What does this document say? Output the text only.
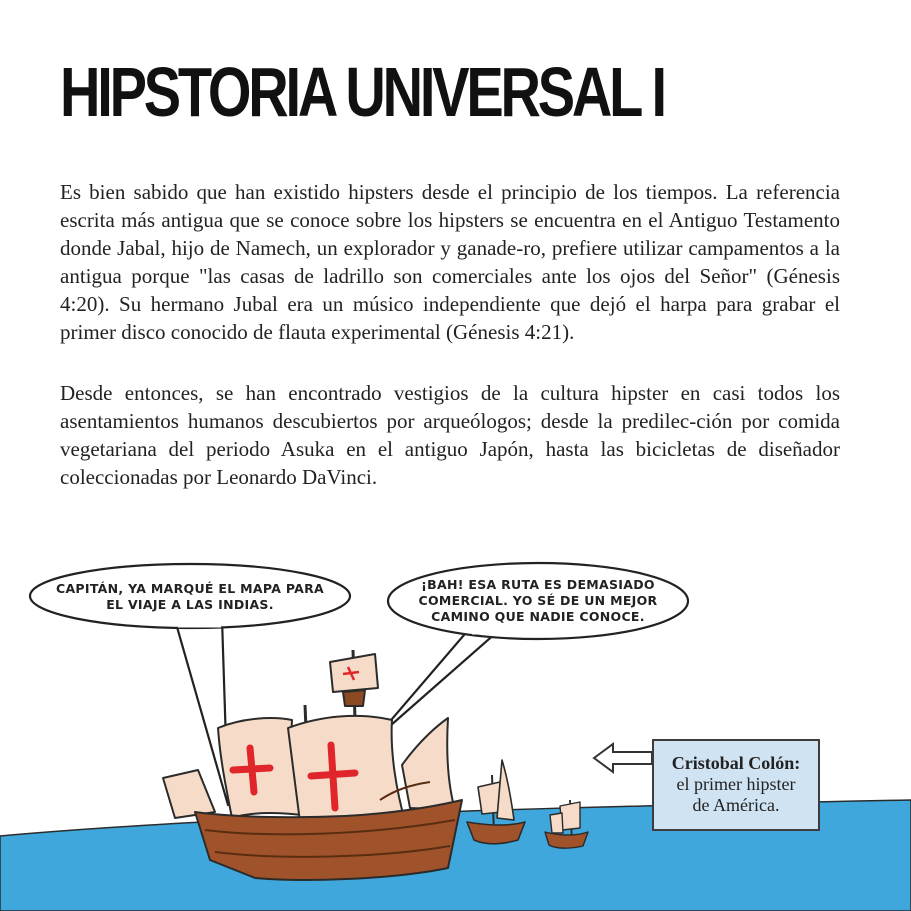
HIPSTORIA UNIVERSAL I

Es bien sabido que han existido hipsters desde el principio de los tiempos. La referencia escrita más antigua que se conoce sobre los hipsters se encuentra en el Antiguo Testamento donde Jabal, hijo de Namech, un explorador y ganade-ro, prefiere utilizar campamentos a la antigua porque "las casas de ladrillo son comerciales ante los ojos del Señor" (Génesis 4:20). Su hermano Jubal era un músico independiente que dejó el harpa para grabar el primer disco conocido de flauta experimental (Génesis 4:21).

Desde entonces, se han encontrado vestigios de la cultura hipster en casi todos los asentamientos humanos descubiertos por arqueólogos; desde la predilec-ción por comida vegetariana del periodo Asuka en el antiguo Japón, hasta las bicicletas de diseñador coleccionadas por Leonardo DaVinci.

CAPITÁN, YA MARQUÉ EL MAPA PARA
EL VIAJE A LAS INDIAS.
¡BAH! ESA RUTA ES DEMASIADO
COMERCIAL. YO SÉ DE UN MEJOR
CAMINO QUE NADIE CONOCE.
Cristobal Colón:
el primer hipster
de América.
